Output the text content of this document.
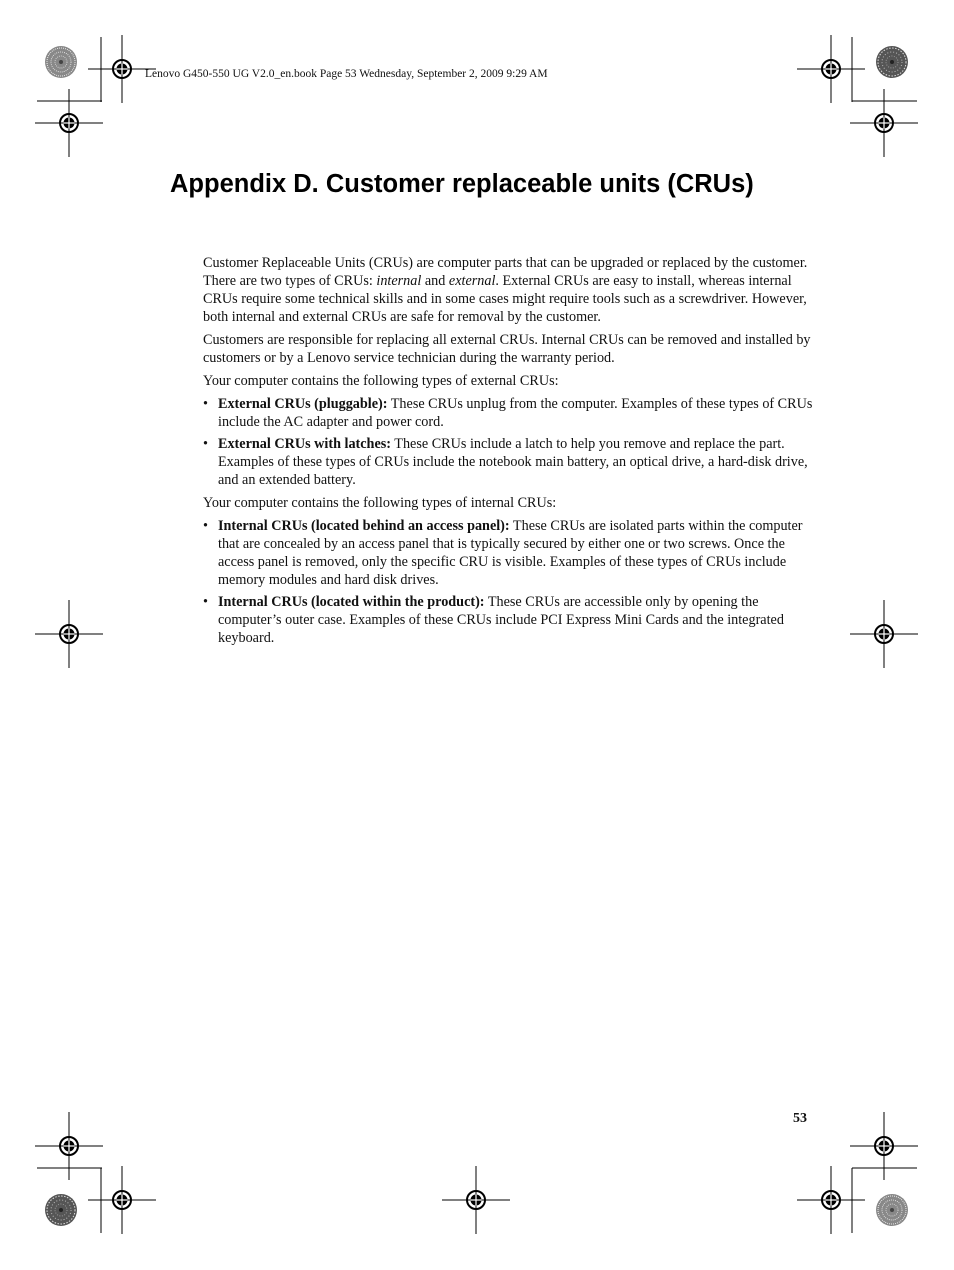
Lenovo G450-550 UG V2.0_en.book Page 53 Wednesday, September 2, 2009 9:29 AM
Appendix D. Customer replaceable units (CRUs)

Customer Replaceable Units (CRUs) are computer parts that can be upgraded or replaced by the customer. There are two types of CRUs: internal and external. External CRUs are easy to install, whereas internal CRUs require some technical skills and in some cases might require tools such as a screwdriver. However, both internal and external CRUs are safe for removal by the customer.

Customers are responsible for replacing all external CRUs. Internal CRUs can be removed and installed by customers or by a Lenovo service technician during the warranty period.

Your computer contains the following types of external CRUs:

• External CRUs (pluggable): These CRUs unplug from the computer. Examples of these types of CRUs include the AC adapter and power cord.
• External CRUs with latches: These CRUs include a latch to help you remove and replace the part. Examples of these types of CRUs include the notebook main battery, an optical drive, a hard-disk drive, and an extended battery.

Your computer contains the following types of internal CRUs:

• Internal CRUs (located behind an access panel): These CRUs are isolated parts within the computer that are concealed by an access panel that is typically secured by either one or two screws. Once the access panel is removed, only the specific CRU is visible. Examples of these types of CRUs include memory modules and hard disk drives.
• Internal CRUs (located within the product): These CRUs are accessible only by opening the computer’s outer case. Examples of these CRUs include PCI Express Mini Cards and the integrated keyboard.
53
